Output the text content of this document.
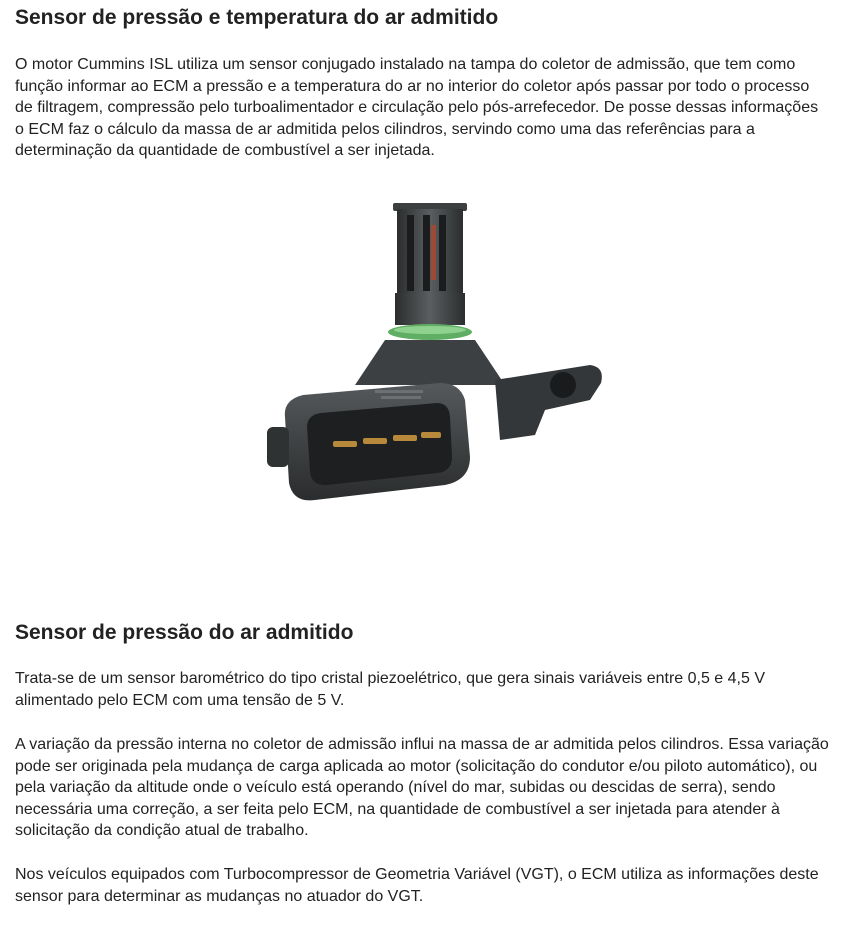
Sensor de pressão e temperatura do ar admitido

O motor Cummins ISL utiliza um sensor conjugado instalado na tampa do coletor de admissão, que tem como função informar ao ECM a pressão e a temperatura do ar no interior do coletor após passar por todo o processo de filtragem, compressão pelo turboalimentador e circulação pelo pós-arrefecedor. De posse dessas informações o ECM faz o cálculo da massa de ar admitida pelos cilindros, servindo como uma das referências para a determinação da quantidade de combustível a ser injetada.

Sensor de pressão do ar admitido

Trata-se de um sensor barométrico do tipo cristal piezoelétrico, que gera sinais variáveis entre 0,5 e 4,5 V alimentado pelo ECM com uma tensão de 5 V.

A variação da pressão interna no coletor de admissão influi na massa de ar admitida pelos cilindros. Essa variação pode ser originada pela mudança de carga aplicada ao motor (solicitação do condutor e/ou piloto automático), ou pela variação da altitude onde o veículo está operando (nível do mar, subidas ou descidas de serra), sendo necessária uma correção, a ser feita pelo ECM, na quantidade de combustível a ser injetada para atender à solicitação da condição atual de trabalho.

Nos veículos equipados com Turbocompressor de Geometria Variável (VGT), o ECM utiliza as informações deste sensor para determinar as mudanças no atuador do VGT.
